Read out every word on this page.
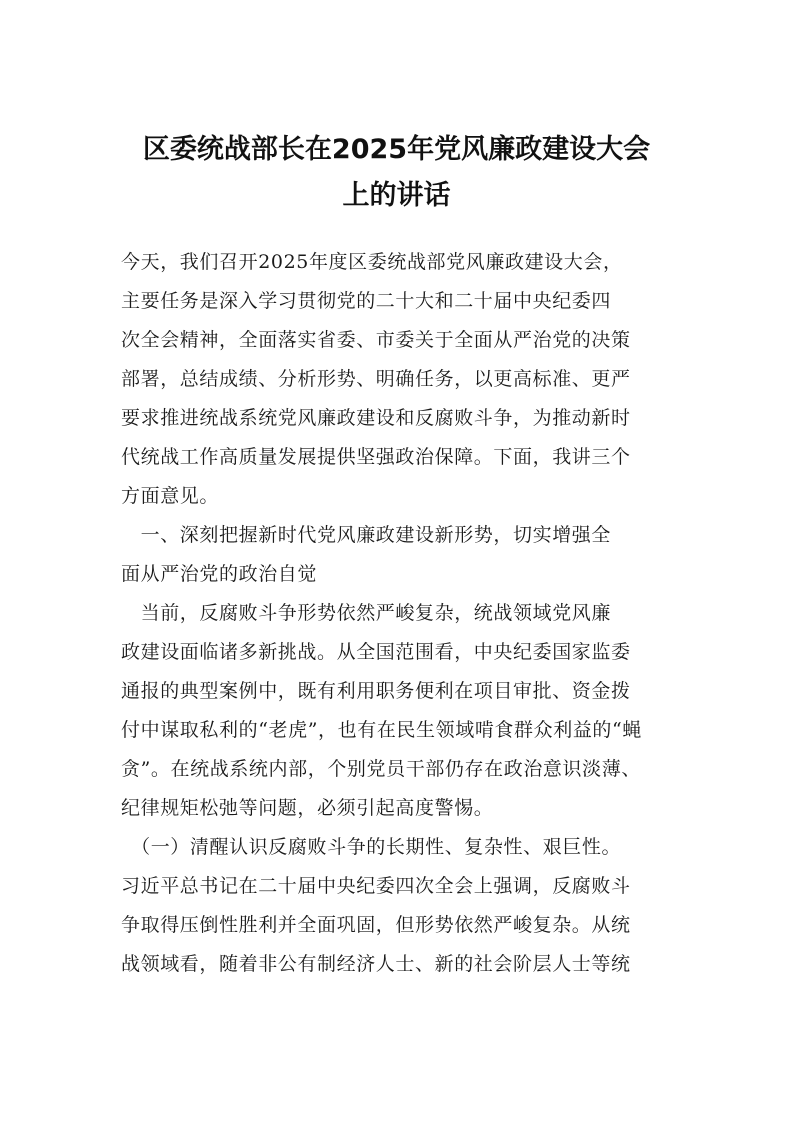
区委统战部长在2025年党风廉政建设大会
上的讲话
今天，我们召开2025年度区委统战部党风廉政建设大会，
主要任务是深入学习贯彻党的二十大和二十届中央纪委四
次全会精神，全面落实省委、市委关于全面从严治党的决策
部署，总结成绩、分析形势、明确任务，以更高标准、更严
要求推进统战系统党风廉政建设和反腐败斗争，为推动新时
代统战工作高质量发展提供坚强政治保障。下面，我讲三个
方面意见。
　一、深刻把握新时代党风廉政建设新形势，切实增强全
面从严治党的政治自觉
　当前，反腐败斗争形势依然严峻复杂，统战领域党风廉
政建设面临诸多新挑战。从全国范围看，中央纪委国家监委
通报的典型案例中，既有利用职务便利在项目审批、资金拨
付中谋取私利的“老虎”，也有在民生领域啃食群众利益的“蝇
贪”。在统战系统内部，个别党员干部仍存在政治意识淡薄、
纪律规矩松弛等问题，必须引起高度警惕。
　（一）清醒认识反腐败斗争的长期性、复杂性、艰巨性。
习近平总书记在二十届中央纪委四次全会上强调，反腐败斗
争取得压倒性胜利并全面巩固，但形势依然严峻复杂。从统
战领域看，随着非公有制经济人士、新的社会阶层人士等统
